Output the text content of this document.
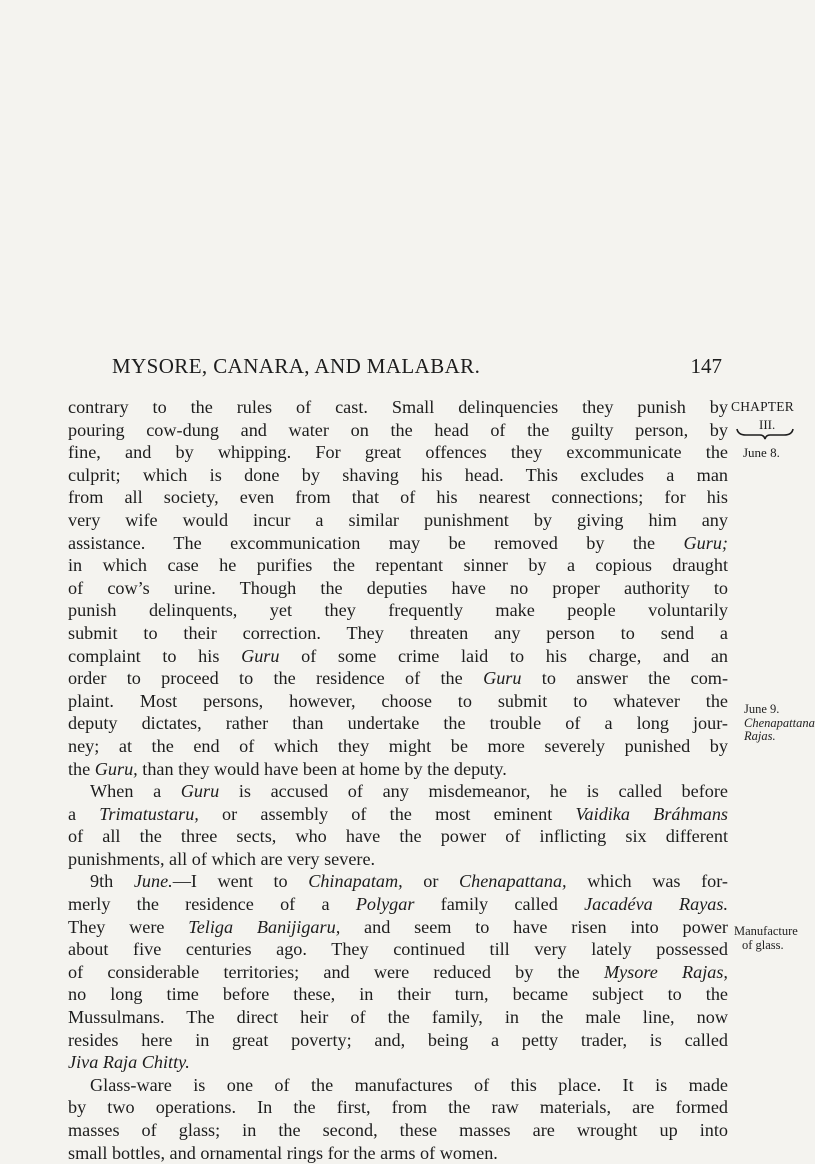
MYSORE, CANARA, AND MALABAR.	147
CHAPTER
III.
June 8.
June 9.
Chenapattana
Rajas.
Manufacture
of glass.
contrary to the rules of cast. Small delinquencies they punish by
pouring cow-dung and water on the head of the guilty person, by
fine, and by whipping. For great offences they excommunicate the
culprit; which is done by shaving his head. This excludes a man
from all society, even from that of his nearest connections; for his
very wife would incur a similar punishment by giving him any
assistance. The excommunication may be removed by the Guru;
in which case he purifies the repentant sinner by a copious draught
of cow’s urine. Though the deputies have no proper authority to
punish delinquents, yet they frequently make people voluntarily
submit to their correction. They threaten any person to send a
complaint to his Guru of some crime laid to his charge, and an
order to proceed to the residence of the Guru to answer the com-
plaint. Most persons, however, choose to submit to whatever the
deputy dictates, rather than undertake the trouble of a long jour-
ney; at the end of which they might be more severely punished by
the Guru, than they would have been at home by the deputy.
When a Guru is accused of any misdemeanor, he is called before
a Trimatustaru, or assembly of the most eminent Vaidika Bráhmans
of all the three sects, who have the power of inflicting six different
punishments, all of which are very severe.
9th June.—I went to Chinapatam, or Chenapattana, which was for-
merly the residence of a Polygar family called Jacadéva Rayas.
They were Teliga Banijigaru, and seem to have risen into power
about five centuries ago. They continued till very lately possessed
of considerable territories; and were reduced by the Mysore Rajas,
no long time before these, in their turn, became subject to the
Mussulmans. The direct heir of the family, in the male line, now
resides here in great poverty; and, being a petty trader, is called
Jiva Raja Chitty.
Glass-ware is one of the manufactures of this place. It is made
by two operations. In the first, from the raw materials, are formed
masses of glass; in the second, these masses are wrought up into
small bottles, and ornamental rings for the arms of women.
